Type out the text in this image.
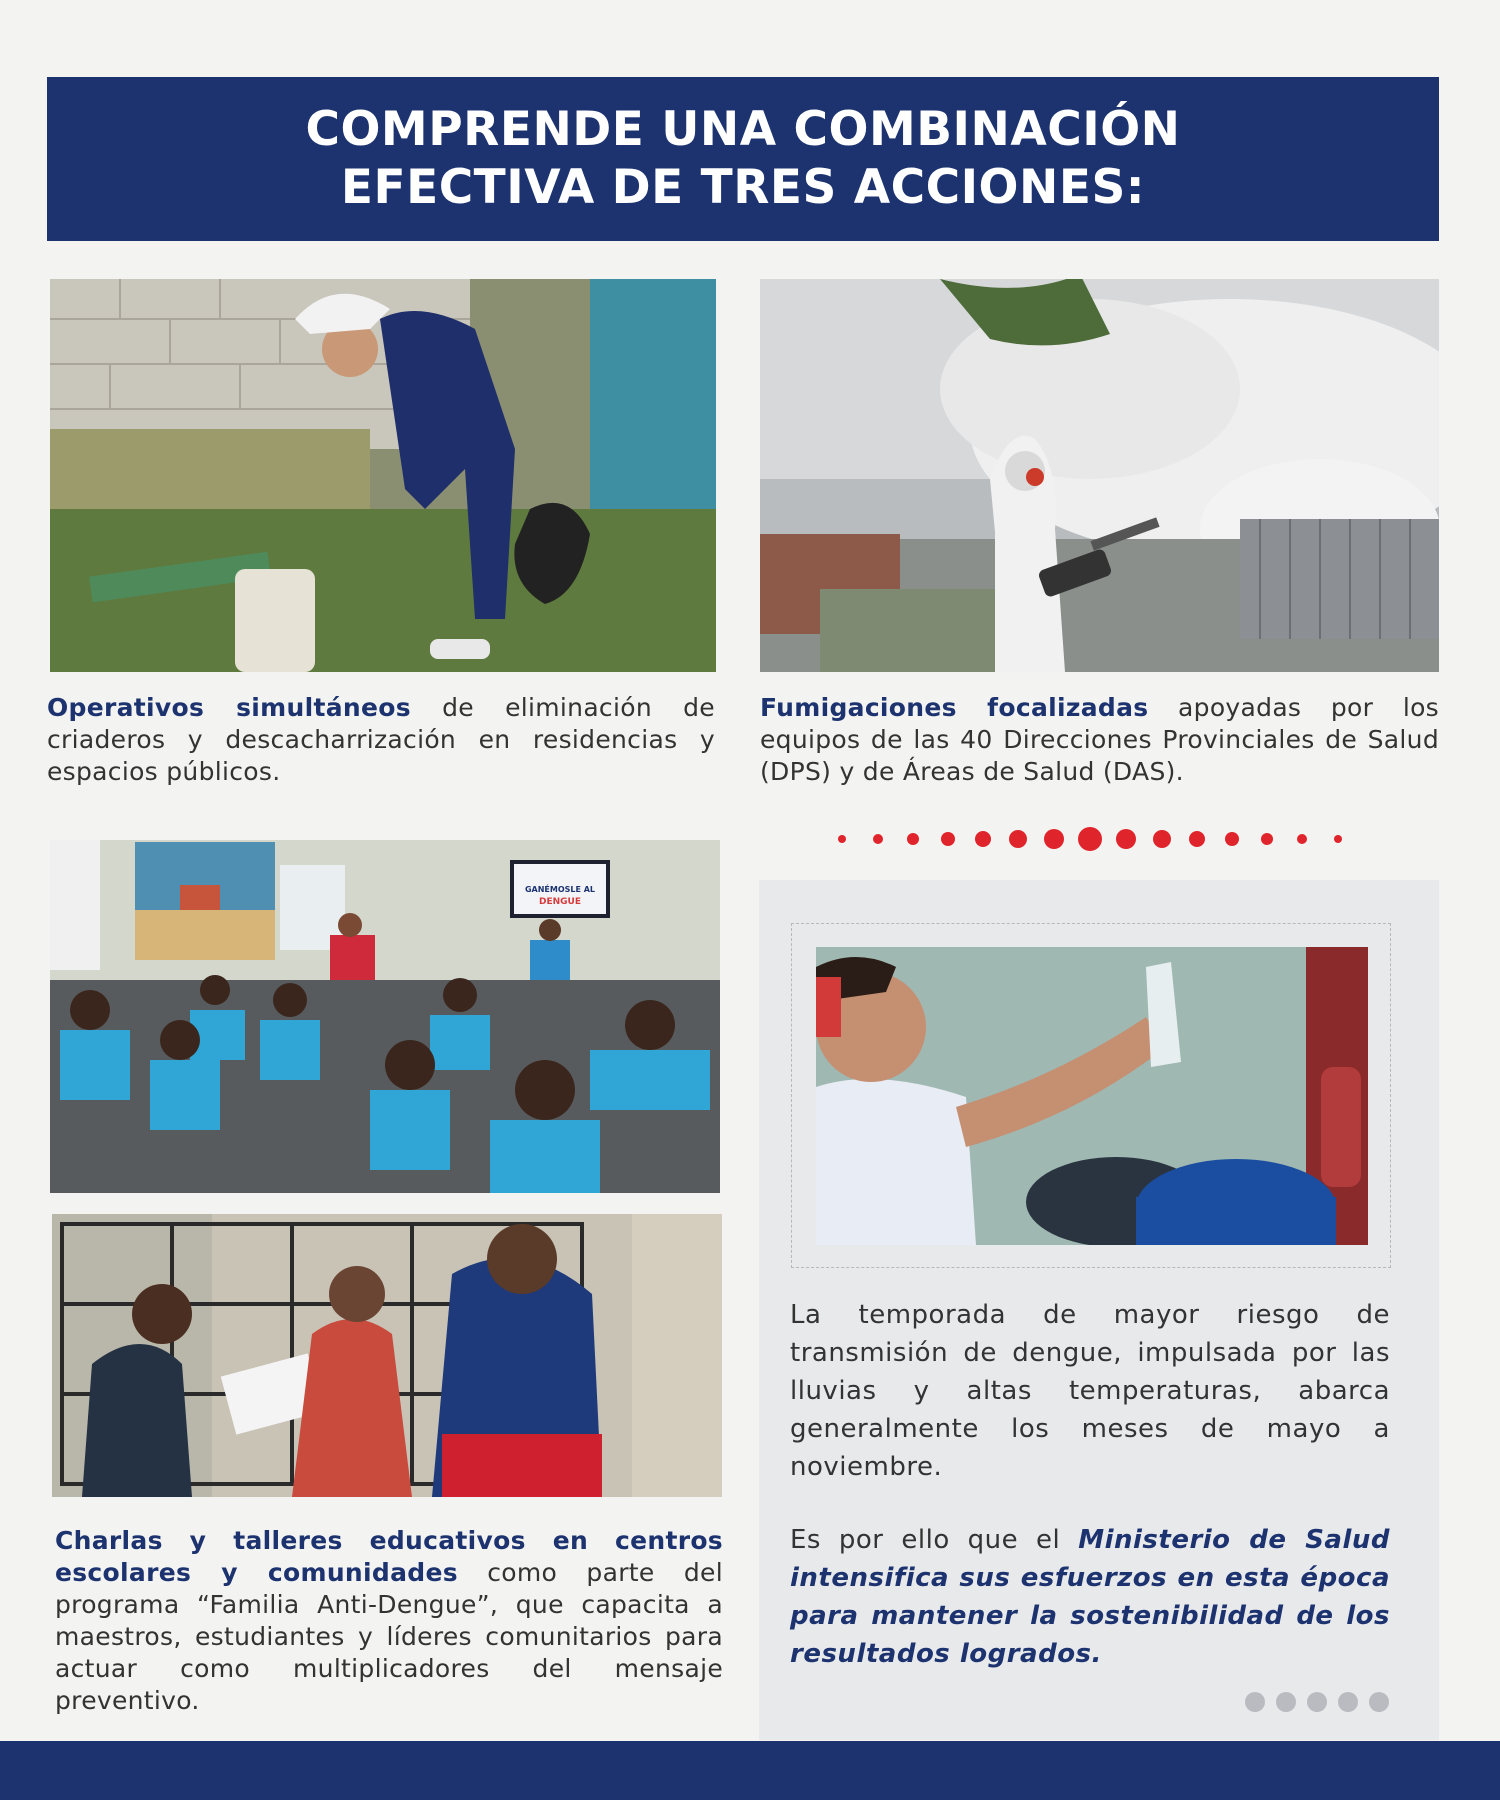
COMPRENDE UNA COMBINACIÓN
EFECTIVA DE TRES ACCIONES:
Operativos simultáneos de eliminación de criaderos y descacharrización en residencias y espacios públicos.
Fumigaciones focalizadas apoyadas por los equipos de las 40 Direcciones Provinciales de Salud (DPS) y de Áreas de Salud (DAS).
GANÉMOSLE AL
DENGUE
Charlas y talleres educativos en centros escolares y comunidades como parte del programa “Familia Anti-Dengue”, que capacita a maestros, estudiantes y líderes comunitarios para actuar como multiplicadores del mensaje preventivo.
La temporada de mayor riesgo de transmisión de dengue, impulsada por las lluvias y altas temperaturas, abarca generalmente los meses de mayo a noviembre.
Es por ello que el Ministerio de Salud intensifica sus esfuerzos en esta época para mantener la sostenibilidad de los resultados logrados.
